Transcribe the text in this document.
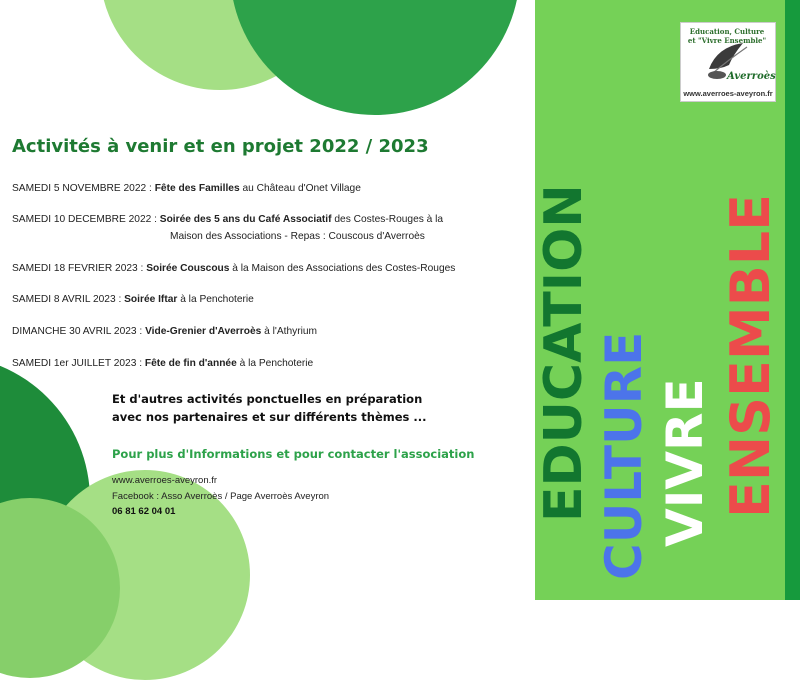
Education, Culture et "Vivre Ensemble"
Averroès
www.averroes-aveyron.fr
EDUCATION CULTURE VIVRE ENSEMBLE
Activités à venir et en projet 2022 / 2023
SAMEDI 5 NOVEMBRE 2022 : Fête des Familles au Château d'Onet Village
SAMEDI 10 DECEMBRE 2022 : Soirée des 5 ans du Café Associatif des Costes-Rouges à la
Maison des Associations - Repas : Couscous d'Averroès
SAMEDI 18 FEVRIER 2023 : Soirée Couscous à la Maison des Associations des Costes-Rouges
SAMEDI 8 AVRIL 2023 : Soirée Iftar à la Penchoterie
DIMANCHE 30 AVRIL 2023 : Vide-Grenier d'Averroès à l'Athyrium
SAMEDI 1er JUILLET 2023 : Fête de fin d'année à la Penchoterie
Et d'autres activités ponctuelles en préparation
avec nos partenaires et sur différents thèmes ...
Pour plus d'Informations et pour contacter l'association
www.averroes-aveyron.fr
Facebook : Asso Averroès / Page Averroès Aveyron
06 81 62 04 01
